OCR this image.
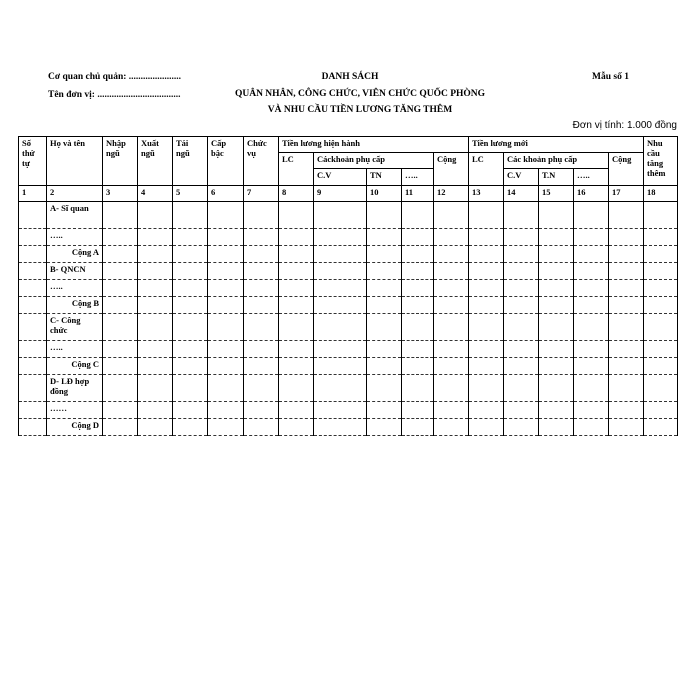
Cơ quan chủ quản: ......................
Tên đơn vị: ...................................
DANH SÁCH
QUÂN NHÂN, CÔNG CHỨC, VIÊN CHỨC QUỐC PHÒNG
VÀ NHU CẦU TIỀN LƯƠNG TĂNG THÊM
Mẫu số 1
Đơn vị tính: 1.000 đồng
Số thứ tự	Họ và tên	Nhập ngũ	Xuất ngũ	Tái ngũ	Cấp bậc	Chức vụ	Tiền lương hiện hành					Tiền lương mới					Nhu cầu tăng thêm
							LC	Cáckhoản phụ cấp			Cộng	LC	Các khoản phụ cấp			Cộng	
								C.V	TN	…..			C.V	T.N	…..		
1	2	3	4	5	6	7	8	9	10	11	12	13	14	15	16	17	18
	A- Sĩ quan																
	…..																
	Cộng A																
	B- QNCN																
	…..																
	Cộng B																
	C- Công chức																
	…..																
	Cộng C																
	D- LĐ hợp đồng																
	……																
	Cộng D																
